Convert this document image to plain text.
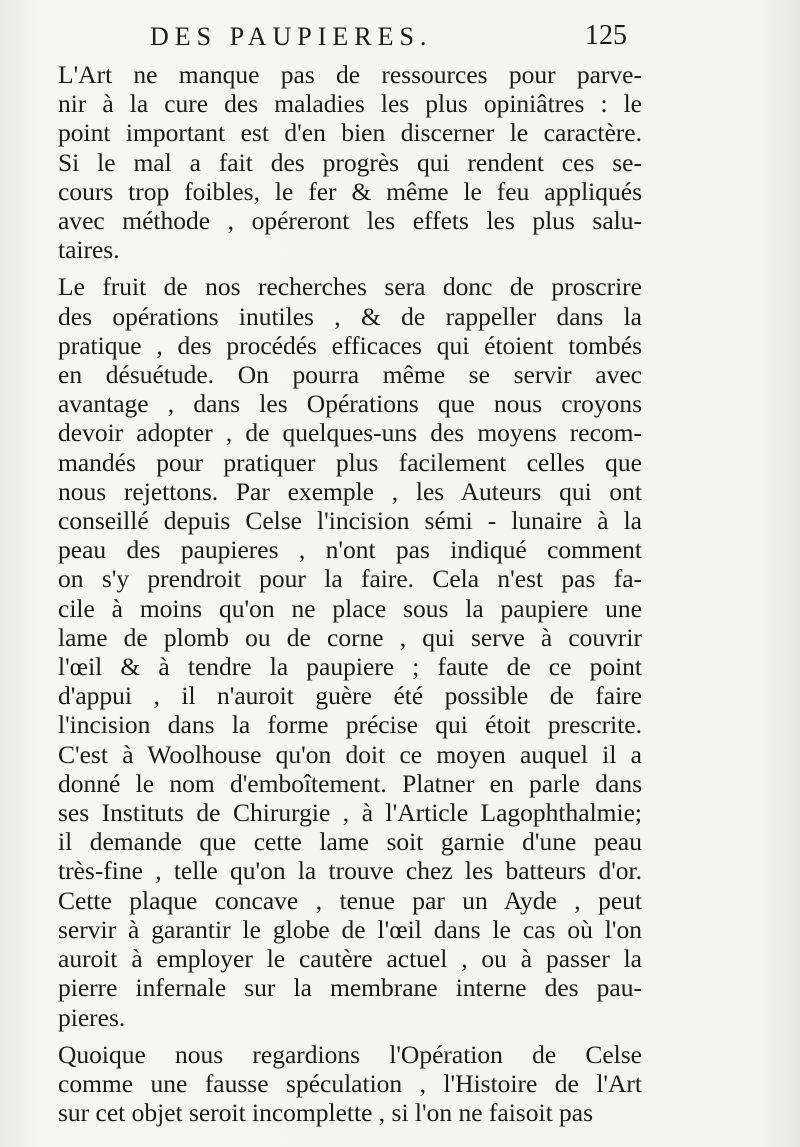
DES PAUPIERES.	125
L'Art ne manque pas de ressources pour parve-
nir à la cure des maladies les plus opiniâtres : le
point important est d'en bien discerner le caractère.
Si le mal a fait des progrès qui rendent ces se-
cours trop foibles, le fer & même le feu appliqués
avec méthode , opéreront les effets les plus salu-
taires.
Le fruit de nos recherches sera donc de proscrire
des opérations inutiles , & de rappeller dans la
pratique , des procédés efficaces qui étoient tombés
en désuétude. On pourra même se servir avec
avantage , dans les Opérations que nous croyons
devoir adopter , de quelques-uns des moyens recom-
mandés pour pratiquer plus facilement celles que
nous rejettons. Par exemple , les Auteurs qui ont
conseillé depuis Celse l'incision sémi - lunaire à la
peau des paupieres , n'ont pas indiqué comment
on s'y prendroit pour la faire. Cela n'est pas fa-
cile à moins qu'on ne place sous la paupiere une
lame de plomb ou de corne , qui serve à couvrir
l'œil & à tendre la paupiere ; faute de ce point
d'appui , il n'auroit guère été possible de faire
l'incision dans la forme précise qui étoit prescrite.
C'est à Woolhouse qu'on doit ce moyen auquel il a
donné le nom d'emboîtement. Platner en parle dans
ses Instituts de Chirurgie , à l'Article Lagophthalmie;
il demande que cette lame soit garnie d'une peau
très-fine , telle qu'on la trouve chez les batteurs d'or.
Cette plaque concave , tenue par un Ayde , peut
servir à garantir le globe de l'œil dans le cas où l'on
auroit à employer le cautère actuel , ou à passer la
pierre infernale sur la membrane interne des pau-
pieres.
Quoique nous regardions l'Opération de Celse
comme une fausse spéculation , l'Histoire de l'Art
sur cet objet seroit incomplette , si l'on ne faisoit pas
